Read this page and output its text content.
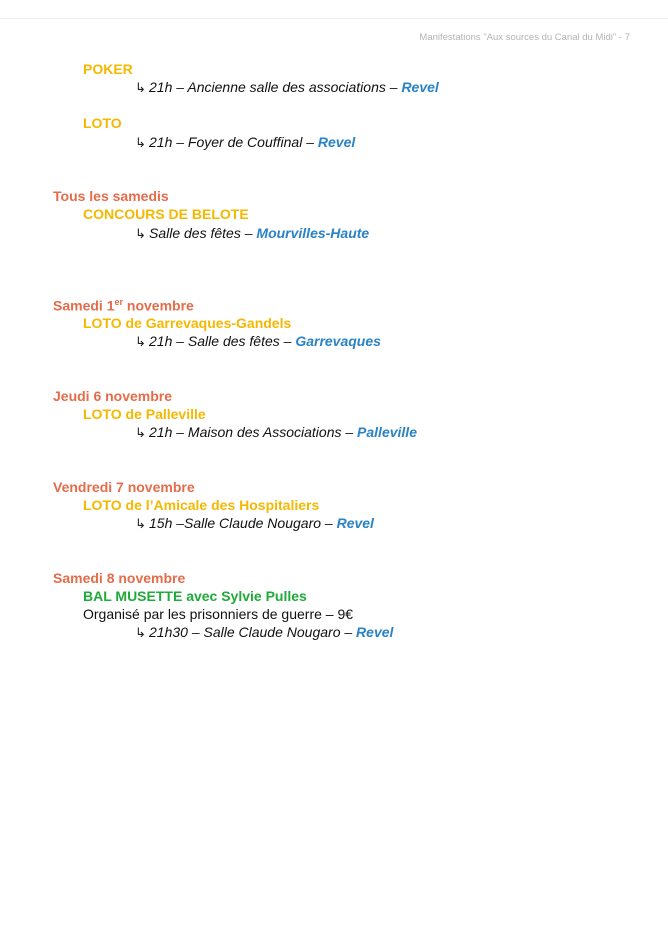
Manifestations "Aux sources du Canal du Midi" - 7
POKER
↳ 21h – Ancienne salle des associations – Revel
LOTO
↳ 21h – Foyer de Couffinal – Revel
Tous les samedis
CONCOURS DE BELOTE
↳ Salle des fêtes – Mourvilles-Haute
Samedi 1er novembre
LOTO de Garrevaques-Gandels
↳ 21h – Salle des fêtes – Garrevaques
Jeudi 6 novembre
LOTO de Palleville
↳ 21h – Maison des Associations – Palleville
Vendredi 7 novembre
LOTO de l’Amicale des Hospitaliers
↳ 15h –Salle Claude Nougaro – Revel
Samedi 8 novembre
BAL MUSETTE avec Sylvie Pulles
Organisé par les prisonniers de guerre – 9€
↳ 21h30 – Salle Claude Nougaro – Revel
